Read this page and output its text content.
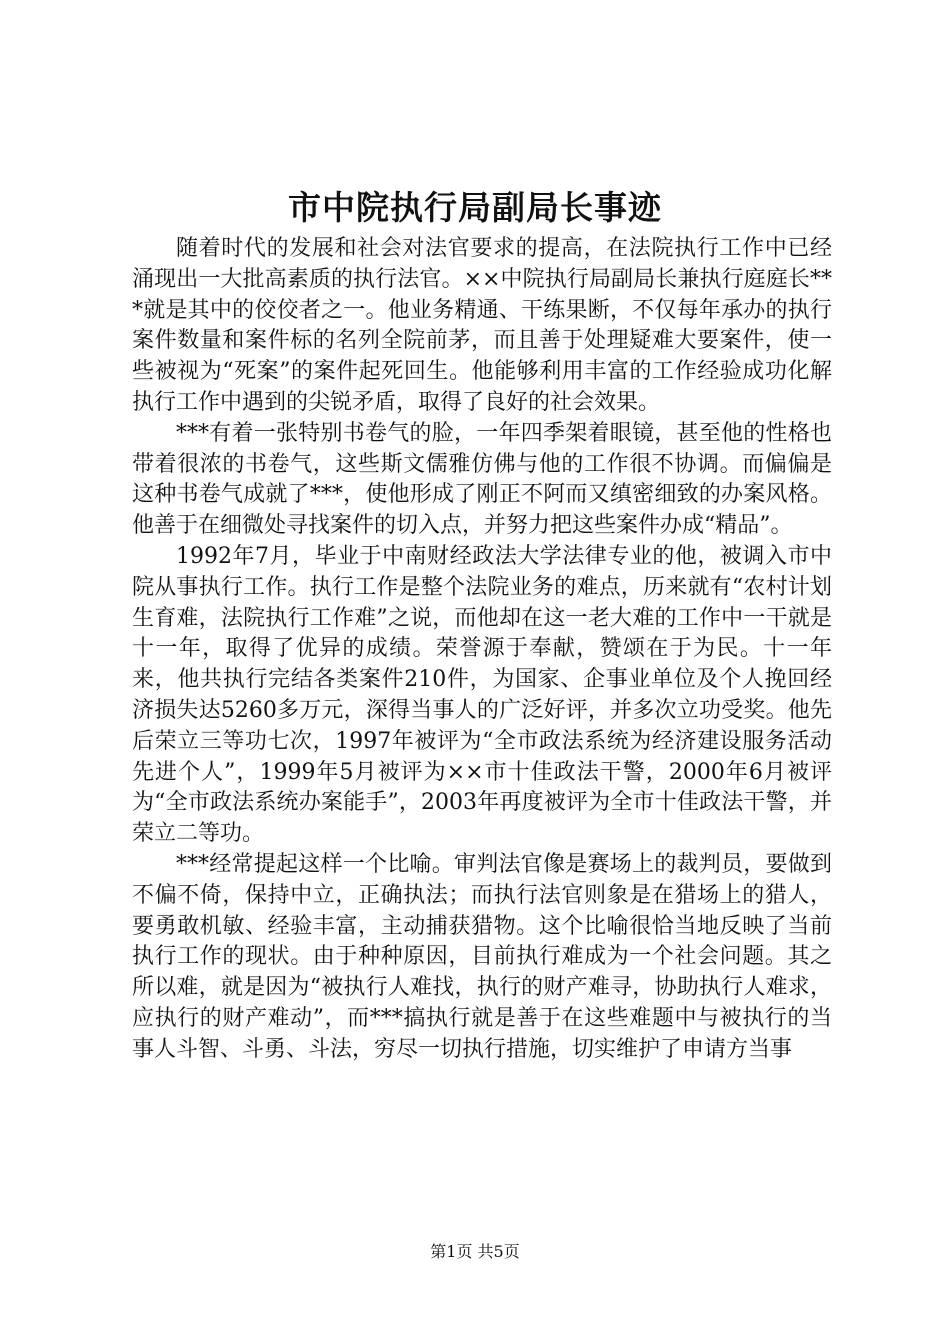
市中院执行局副局长事迹

随着时代的发展和社会对法官要求的提高，在法院执行工作中已经涌现出一大批高素质的执行法官。××中院执行局副局长兼执行庭庭长***就是其中的佼佼者之一。他业务精通、干练果断，不仅每年承办的执行案件数量和案件标的名列全院前茅，而且善于处理疑难大要案件，使一些被视为“死案”的案件起死回生。他能够利用丰富的工作经验成功化解执行工作中遇到的尖锐矛盾，取得了良好的社会效果。

***有着一张特别书卷气的脸，一年四季架着眼镜，甚至他的性格也带着很浓的书卷气，这些斯文儒雅仿佛与他的工作很不协调。而偏偏是这种书卷气成就了***，使他形成了刚正不阿而又缜密细致的办案风格。他善于在细微处寻找案件的切入点，并努力把这些案件办成“精品”。

1992年7月，毕业于中南财经政法大学法律专业的他，被调入市中院从事执行工作。执行工作是整个法院业务的难点，历来就有“农村计划生育难，法院执行工作难”之说，而他却在这一老大难的工作中一干就是十一年，取得了优异的成绩。荣誉源于奉献，赞颂在于为民。十一年来，他共执行完结各类案件210件，为国家、企事业单位及个人挽回经济损失达5260多万元，深得当事人的广泛好评，并多次立功受奖。他先后荣立三等功七次，1997年被评为“全市政法系统为经济建设服务活动先进个人”，1999年5月被评为××市十佳政法干警，2000年6月被评为“全市政法系统办案能手”，2003年再度被评为全市十佳政法干警，并荣立二等功。

***经常提起这样一个比喻。审判法官像是赛场上的裁判员，要做到不偏不倚，保持中立，正确执法；而执行法官则象是在猎场上的猎人，要勇敢机敏、经验丰富，主动捕获猎物。这个比喻很恰当地反映了当前执行工作的现状。由于种种原因，目前执行难成为一个社会问题。其之所以难，就是因为“被执行人难找，执行的财产难寻，协助执行人难求，应执行的财产难动”，而***搞执行就是善于在这些难题中与被执行的当事人斗智、斗勇、斗法，穷尽一切执行措施，切实维护了申请方当事

第1页 共5页
